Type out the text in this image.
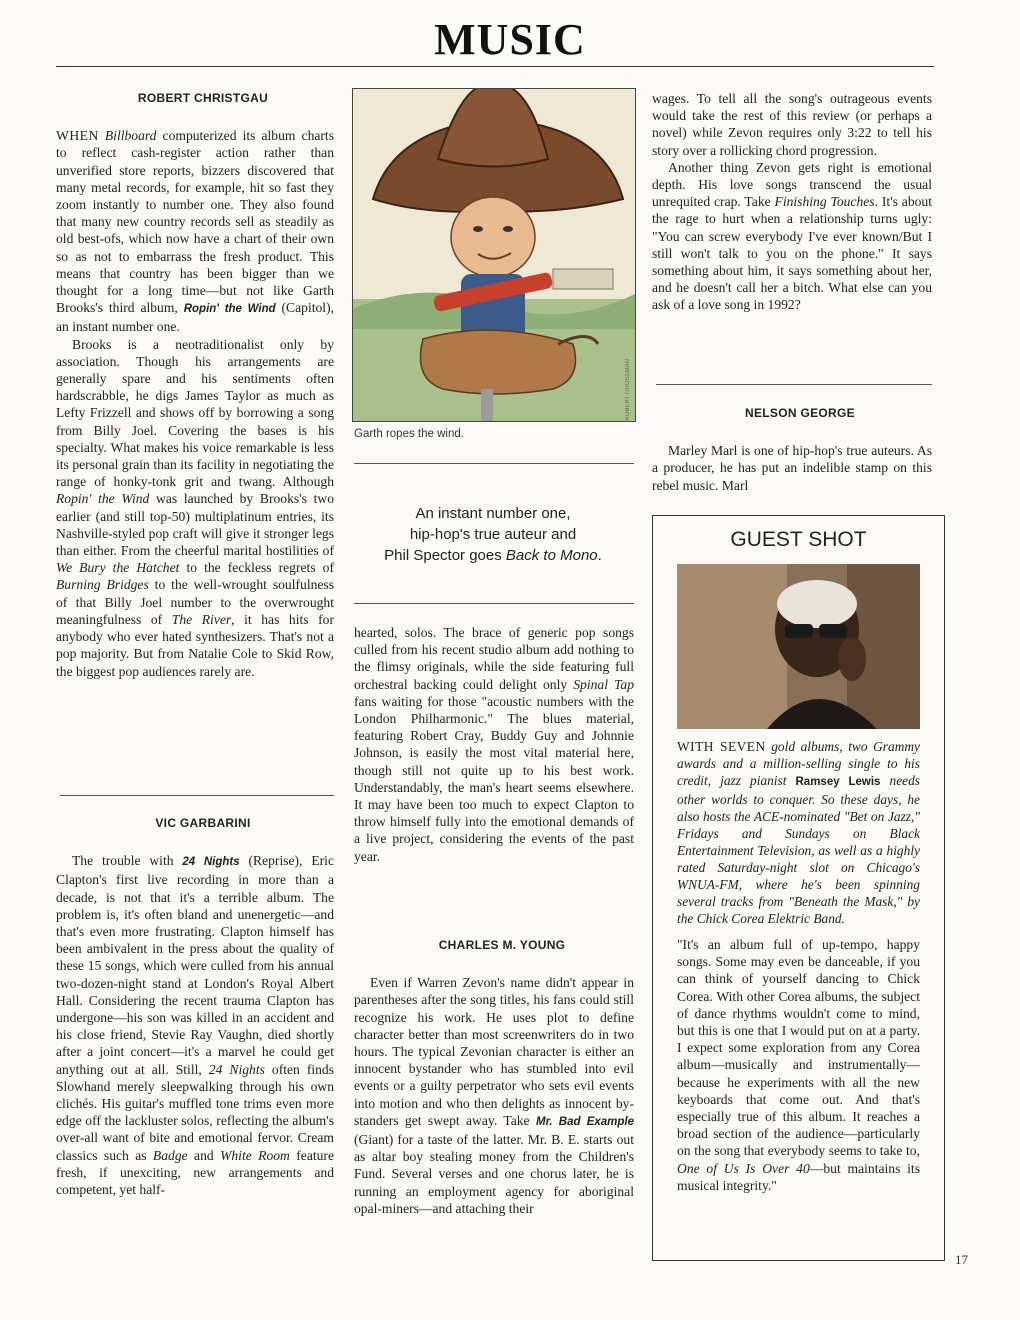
MUSIC

ROBERT CHRISTGAU

WHEN Billboard computerized its album charts to reflect cash-register action rather than unverified store reports, bizzers discovered that many metal records, for example, hit so fast they zoom instantly to number one. They also found that many new country records sell as steadily as old best-ofs, which now have a chart of their own so as not to embarrass the fresh product. This means that country has been bigger than we thought for a long time—but not like Garth Brooks's third album, Ropin' the Wind (Capitol), an instant number one.

Brooks is a neotraditionalist only by association. Though his arrangements are generally spare and his sentiments often hardscrabble, he digs James Taylor as much as Lefty Frizzell and shows off by borrowing a song from Billy Joel. Covering the bases is his specialty. What makes his voice remarkable is less its personal grain than its facility in negotiating the range of honky-tonk grit and twang. Although Ropin' the Wind was launched by Brooks's two earlier (and still top-50) multiplatinum entries, its Nashville-styled pop craft will give it stronger legs than either. From the cheerful marital hostilities of We Bury the Hatchet to the feckless regrets of Burning Bridges to the well-wrought soulfulness of that Billy Joel number to the overwrought meaningfulness of The River, it has hits for anybody who ever hated synthesizers. That's not a pop majority. But from Natalie Cole to Skid Row, the biggest pop audiences rarely are.

VIC GARBARINI

The trouble with 24 Nights (Reprise), Eric Clapton's first live recording in more than a decade, is not that it's a terrible album. The problem is, it's often bland and unenergetic—and that's even more frustrating. Clapton himself has been ambivalent in the press about the quality of these 15 songs, which were culled from his annual two-dozen-night stand at London's Royal Albert Hall. Considering the recent trauma Clapton has undergone—his son was killed in an accident and his close friend, Stevie Ray Vaughn, died shortly after a joint concert—it's a marvel he could get anything out at all. Still, 24 Nights often finds Slowhand merely sleepwalking through his own clichés. His guitar's muffled tone trims even more edge off the lackluster solos, reflecting the album's over-all want of bite and emotional fervor. Cream classics such as Badge and White Room feature fresh, if unexciting, new arrangements and competent, yet half-

ROBERT GROSSMAN
Garth ropes the wind.
An instant number one,
hip-hop's true auteur and
Phil Spector goes Back to Mono.

hearted, solos. The brace of generic pop songs culled from his recent studio album add nothing to the flimsy originals, while the side featuring full orchestral backing could delight only Spinal Tap fans waiting for those "acoustic numbers with the London Philharmonic." The blues material, featuring Robert Cray, Buddy Guy and Johnnie Johnson, is easily the most vital material here, though still not quite up to his best work. Understandably, the man's heart seems elsewhere. It may have been too much to expect Clapton to throw himself fully into the emotional demands of a live project, considering the events of the past year.

CHARLES M. YOUNG

Even if Warren Zevon's name didn't appear in parentheses after the song titles, his fans could still recognize his work. He uses plot to define character better than most screenwriters do in two hours. The typical Zevonian character is either an innocent bystander who has stumbled into evil events or a guilty perpetrator who sets evil events into motion and who then delights as innocent bystanders get swept away. Take Mr. Bad Example (Giant) for a taste of the latter. Mr. B. E. starts out as altar boy stealing money from the Children's Fund. Several verses and one chorus later, he is running an employment agency for aboriginal opal-miners—and attaching their

wages. To tell all the song's outrageous events would take the rest of this review (or perhaps a novel) while Zevon requires only 3:22 to tell his story over a rollicking chord progression.

Another thing Zevon gets right is emotional depth. His love songs transcend the usual unrequited crap. Take Finishing Touches. It's about the rage to hurt when a relationship turns ugly: "You can screw everybody I've ever known/But I still won't talk to you on the phone." It says something about him, it says something about her, and he doesn't call her a bitch. What else can you ask of a love song in 1992?

NELSON GEORGE

Marley Marl is one of hip-hop's true auteurs. As a producer, he has put an indelible stamp on this rebel music. Marl

GUEST SHOT
WITH SEVEN gold albums, two Grammy awards and a million-selling single to his credit, jazz pianist Ramsey Lewis needs other worlds to conquer. So these days, he also hosts the ACE-nominated "Bet on Jazz," Fridays and Sundays on Black Entertainment Television, as well as a highly rated Saturday-night slot on Chicago's WNUA-FM, where he's been spinning several tracks from "Beneath the Mask," by the Chick Corea Elektric Band.
"It's an album full of up-tempo, happy songs. Some may even be danceable, if you can think of yourself dancing to Chick Corea. With other Corea albums, the subject of dance rhythms wouldn't come to mind, but this is one that I would put on at a party. I expect some exploration from any Corea album—musically and instrumentally—because he experiments with all the new keyboards that come out. And that's especially true of this album. It reaches a broad section of the audience—particularly on the song that everybody seems to take to, One of Us Is Over 40—but maintains its musical integrity."
17
